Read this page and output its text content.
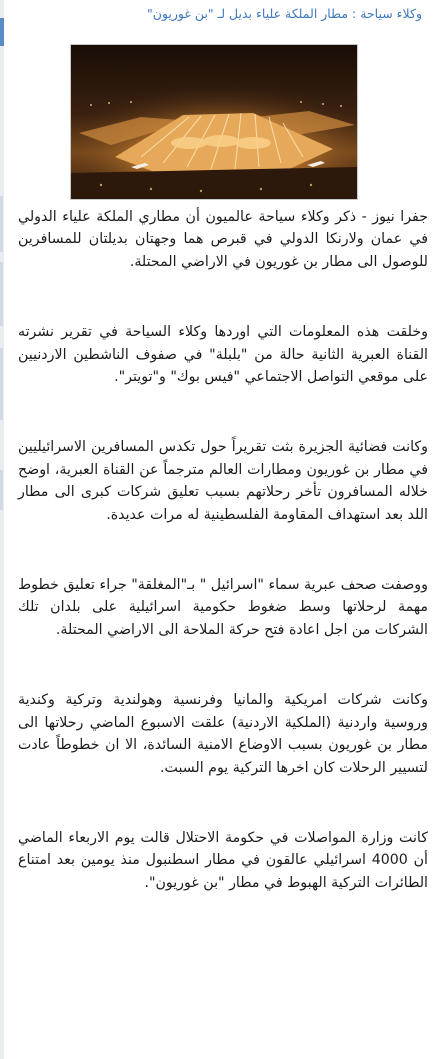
وكلاء سياحة : مطار الملكة علياء بديل لـ "بن غوريون"

جفرا نيوز - ذكر وكلاء سياحة عالميون أن مطاري الملكة علياء الدولي في عمان ولارنكا الدولي في قبرص هما وجهتان بديلتان للمسافرين للوصول الى مطار بن غوريون في الاراضي المحتلة.

وخلقت هذه المعلومات التي اوردها وكلاء السياحة في تقرير نشرته القناة العبرية الثانية حالة من "بلبلة" في صفوف الناشطين الاردنيين على موقعي التواصل الاجتماعي "فيس بوك" و"تويتر".

وكانت فضائية الجزيرة بثت تقريراً حول تكدس المسافرين الاسرائيليين في مطار بن غوريون ومطارات العالم مترجماً عن القناة العبرية، اوضح خلاله المسافرون تأخر رحلاتهم بسبب تعليق شركات كبرى الى مطار اللد بعد استهداف المقاومة الفلسطينية له مرات عديدة.

ووصفت صحف عبرية سماء "اسرائيل " بـ"المغلقة" جراء تعليق خطوط مهمة لرحلاتها وسط ضغوط حكومية اسرائيلية على بلدان تلك الشركات من اجل اعادة فتح حركة الملاحة الى الاراضي المحتلة.

وكانت شركات امريكية والمانيا وفرنسية وهولندية وتركية وكندية وروسية واردنية (الملكية الاردنية) علقت الاسبوع الماضي رحلاتها الى مطار بن غوريون بسبب الاوضاع الامنية السائدة، الا ان خطوطاً عادت لتسيير الرحلات كان اخرها التركية يوم السبت.

كانت وزارة المواصلات في حكومة الاحتلال قالت يوم الاربعاء الماضي أن 4000 اسرائيلي عالقون في مطار اسطنبول منذ يومين بعد امتناع الطائرات التركية الهبوط في مطار "بن غوريون".
